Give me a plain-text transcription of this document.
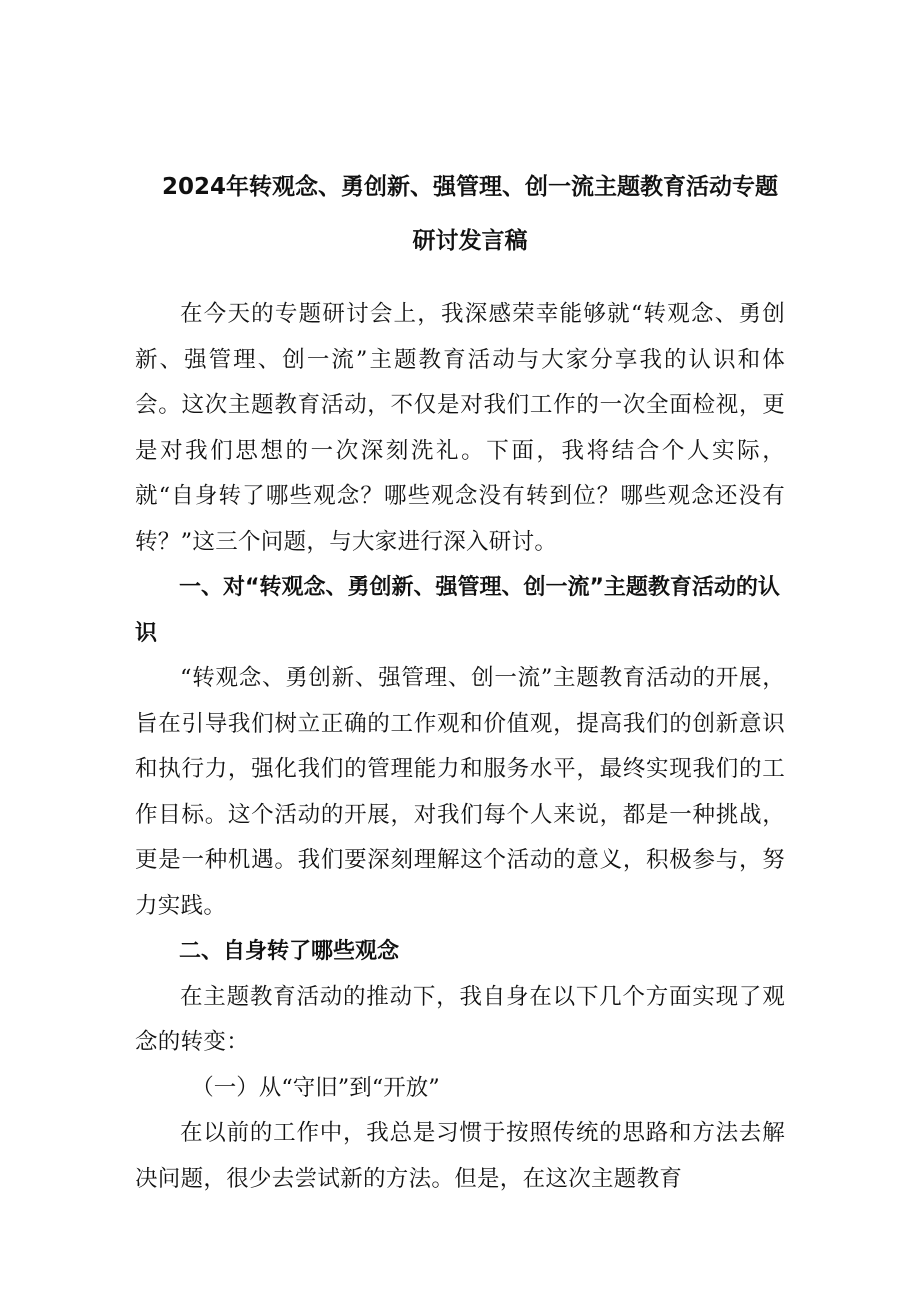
2024年转观念、勇创新、强管理、创一流主题教育活动专题
研讨发言稿

在今天的专题研讨会上，我深感荣幸能够就“转观念、勇创新、强管理、创一流”主题教育活动与大家分享我的认识和体会。这次主题教育活动，不仅是对我们工作的一次全面检视，更是对我们思想的一次深刻洗礼。下面，我将结合个人实际，就“自身转了哪些观念？哪些观念没有转到位？哪些观念还没有转？”这三个问题，与大家进行深入研讨。

一、对“转观念、勇创新、强管理、创一流”主题教育活动的认识

“转观念、勇创新、强管理、创一流”主题教育活动的开展，旨在引导我们树立正确的工作观和价值观，提高我们的创新意识和执行力，强化我们的管理能力和服务水平，最终实现我们的工作目标。这个活动的开展，对我们每个人来说，都是一种挑战，更是一种机遇。我们要深刻理解这个活动的意义，积极参与，努力实践。

二、自身转了哪些观念

在主题教育活动的推动下，我自身在以下几个方面实现了观念的转变：

（一）从“守旧”到“开放”

在以前的工作中，我总是习惯于按照传统的思路和方法去解决问题，很少去尝试新的方法。但是，在这次主题教育
